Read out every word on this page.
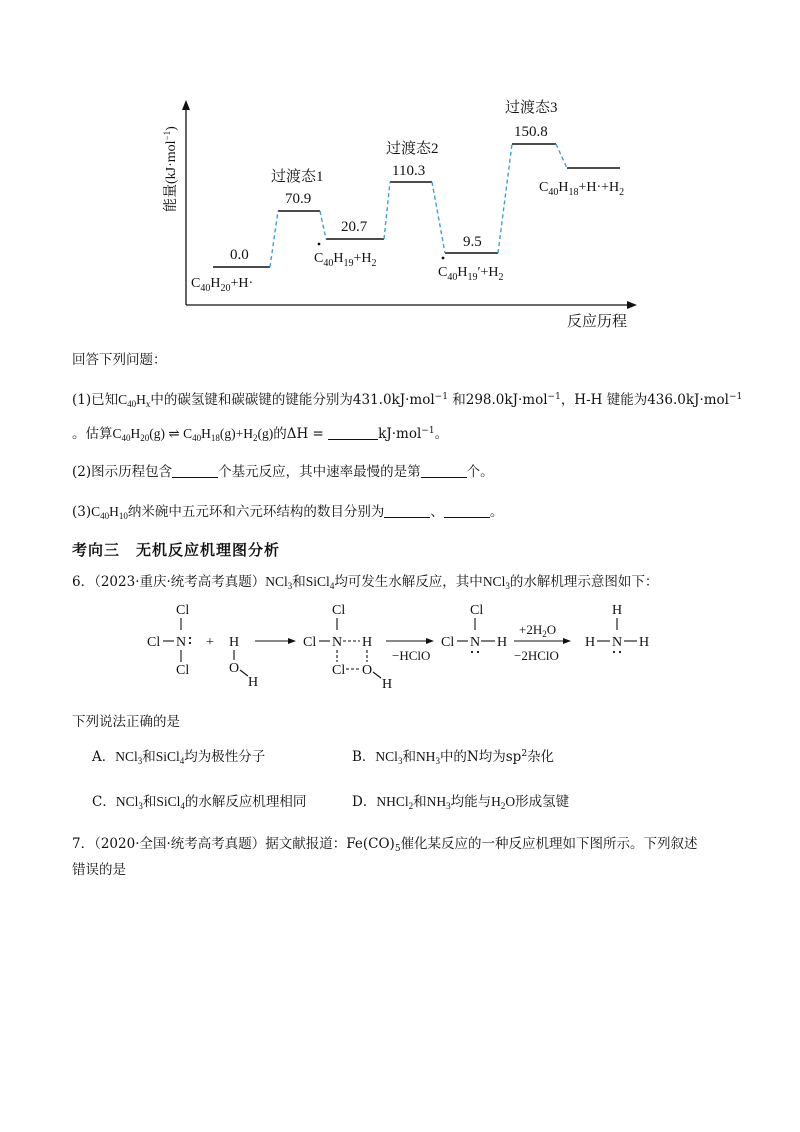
能量(kJ·mol$^{-1}$)
反应历程
0.0
70.9
20.7
110.3
9.5
150.8
过渡态1
过渡态2
过渡态3
$C_{40}H_{20}+H\cdot$
$C_{40}H_{19}+H_2$
$C_{40}H_{19}'+H_2$
$C_{40}H_{18}+H\cdot+H_2$
回答下列问题：
(1)已知$C_{40}H_x$中的碳氢键和碳碳键的键能分别为431.0kJ·mol$^{-1}$ 和298.0kJ·mol$^{-1}$，H-H 键能为436.0kJ·mol$^{-1}$
。估算$C_{40}H_{20}(g)$ ⇌ $C_{40}H_{18}(g)+H_2(g)$的ΔH =	kJ·mol$^{-1}$。
(2)图示历程包含	个基元反应，其中速率最慢的是第	个。
$(3)C_{40}H_{10}$纳米碗中五元环和六元环结构的数目分别为	、	。
考向三　无机反应机理图分析
6．（2023·重庆·统考高考真题）NCl$_3$和SiCl$_4$均可发生水解反应，其中NCl$_3$的水解机理示意图如下：
Cl
Cl N
Cl
+ H
O
H
Cl
Cl N H
Cl O
H
−HClO
Cl
Cl N H
$+2H_2O$
−2HClO
H
H N H
下列说法正确的是
A．NCl$_3$和SiCl$_4$均为极性分子	B．NCl$_3$和$NH_3$中的N均为$sp^2$杂化
C．NCl$_3$和SiCl$_4$的水解反应机理相同	D．NHCl$_2$和$NH_3$均能与$H_2O$形成氢键
7．（2020·全国·统考高考真题）据文献报道：$Fe(CO)_5$催化某反应的一种反应机理如下图所示。下列叙述
错误的是
